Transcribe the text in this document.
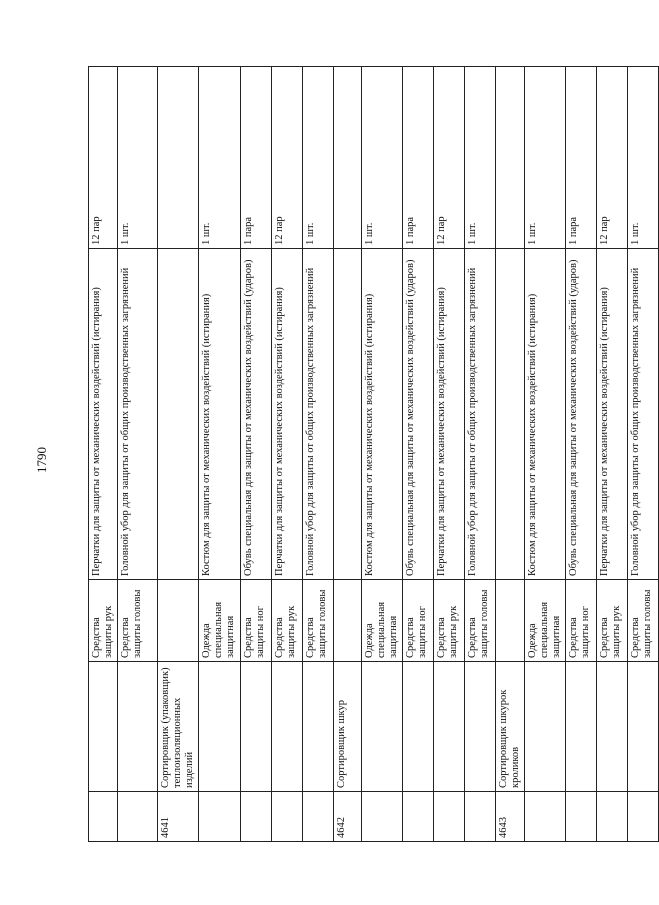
1790
		Средства защиты рук	Перчатки для защиты от механических воздействий (истирания)	12 пар
		Средства защиты головы	Головной убор для защиты от общих производственных загрязнений	1 шт.
4641	Сортировщик (упаковщик) теплоизоляционных изделий			
		Одежда специальная защитная	Костюм для защиты от механических воздействий (истирания)	1 шт.
		Средства защиты ног	Обувь специальная для защиты от механических воздействий (ударов)	1 пара
		Средства защиты рук	Перчатки для защиты от механических воздействий (истирания)	12 пар
		Средства защиты головы	Головной убор для защиты от общих производственных загрязнений	1 шт.
4642	Сортировщик шкур			
		Одежда специальная защитная	Костюм для защиты от механических воздействий (истирания)	1 шт.
		Средства защиты ног	Обувь специальная для защиты от механических воздействий (ударов)	1 пара
		Средства защиты рук	Перчатки для защиты от механических воздействий (истирания)	12 пар
		Средства защиты головы	Головной убор для защиты от общих производственных загрязнений	1 шт.
4643	Сортировщик шкурок кроликов			
		Одежда специальная защитная	Костюм для защиты от механических воздействий (истирания)	1 шт.
		Средства защиты ног	Обувь специальная для защиты от механических воздействий (ударов)	1 пара
		Средства защиты рук	Перчатки для защиты от механических воздействий (истирания)	12 пар
		Средства защиты головы	Головной убор для защиты от общих производственных загрязнений	1 шт.
